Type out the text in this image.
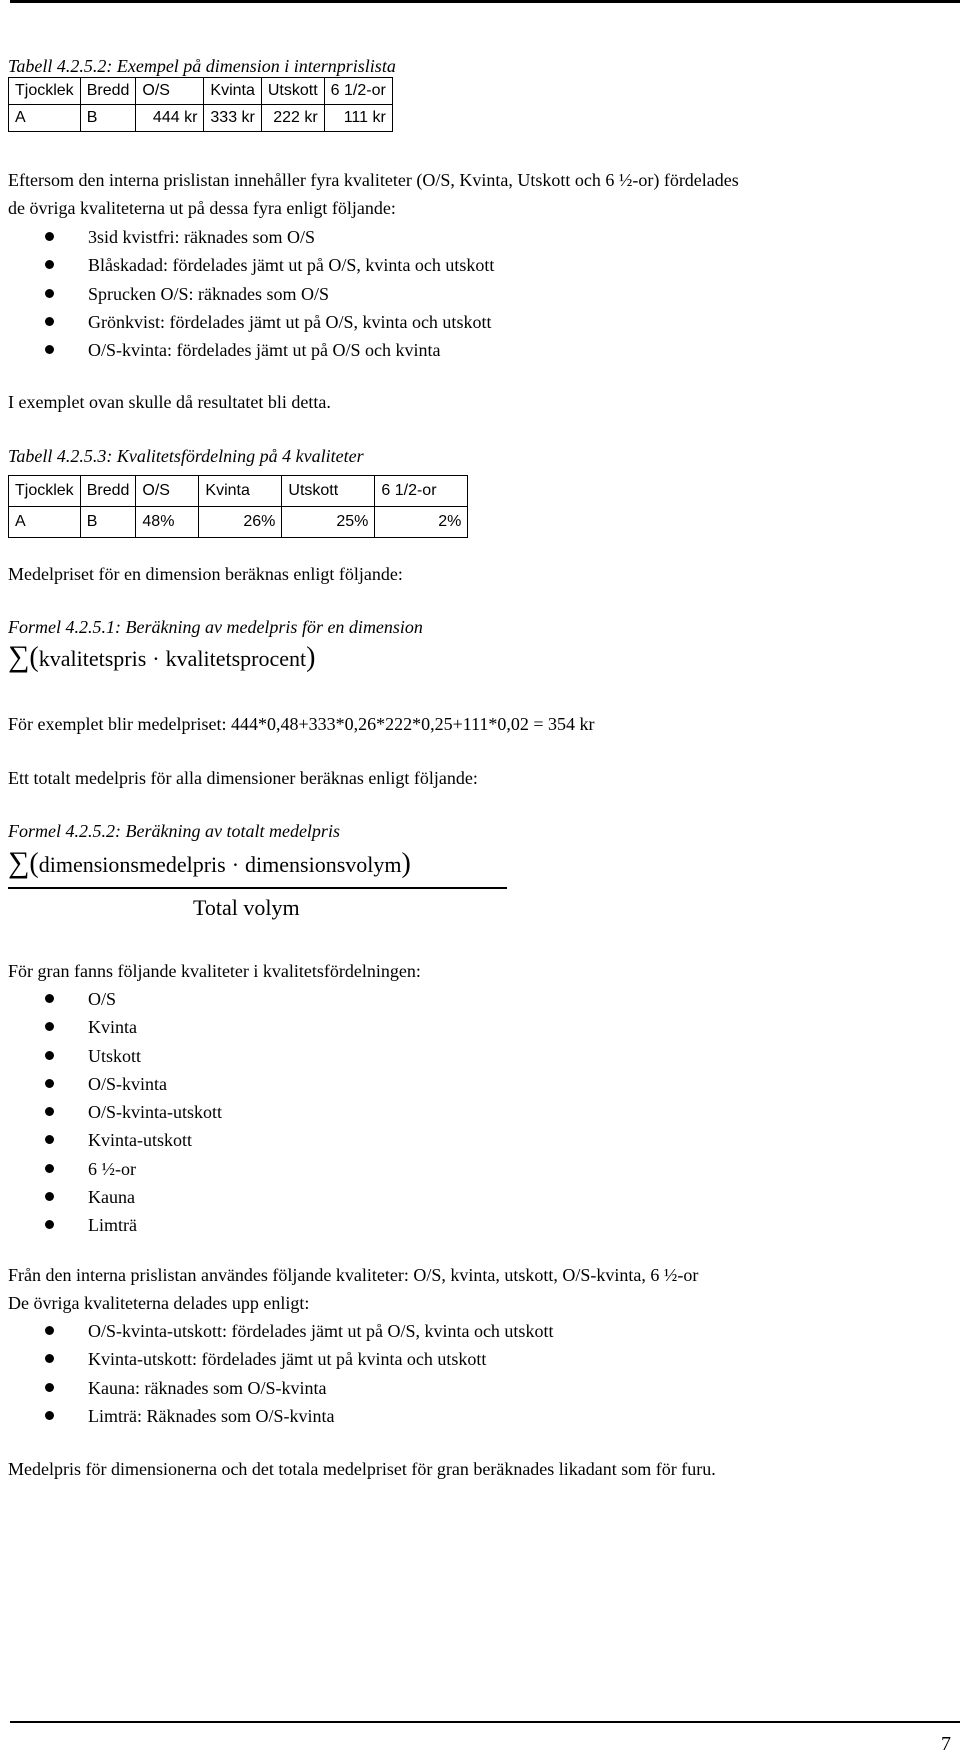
Tabell 4.2.5.2: Exempel på dimension i internprislista
Tjocklek	Bredd	O/S	Kvinta	Utskott	6 1/2-or
A	B	444 kr	333 kr	222 kr	111 kr
Eftersom den interna prislistan innehåller fyra kvaliteter (O/S, Kvinta, Utskott och 6 ½-or) fördelades
de övriga kvaliteterna ut på dessa fyra enligt följande:
3sid kvistfri: räknades som O/S
Blåskadad: fördelades jämt ut på O/S, kvinta och utskott
Sprucken O/S: räknades som O/S
Grönkvist: fördelades jämt ut på O/S, kvinta och utskott
O/S-kvinta: fördelades jämt ut på O/S och kvinta
I exemplet ovan skulle då resultatet bli detta.
Tabell 4.2.5.3: Kvalitetsfördelning på 4 kvaliteter
Tjocklek	Bredd	O/S	Kvinta	Utskott	6 1/2-or
A	B	48%	26%	25%	2%
Medelpriset för en dimension beräknas enligt följande:
Formel 4.2.5.1: Beräkning av medelpris för en dimension
∑(kvalitetspris · kvalitetsprocent)
För exemplet blir medelpriset: 444*0,48+333*0,26*222*0,25+111*0,02 = 354 kr
Ett totalt medelpris för alla dimensioner beräknas enligt följande:
Formel 4.2.5.2: Beräkning av totalt medelpris
∑(dimensionsmedelpris · dimensionsvolym)
Total volym
För gran fanns följande kvaliteter i kvalitetsfördelningen:
O/S
Kvinta
Utskott
O/S-kvinta
O/S-kvinta-utskott
Kvinta-utskott
6 ½-or
Kauna
Limträ
Från den interna prislistan användes följande kvaliteter: O/S, kvinta, utskott, O/S-kvinta, 6 ½-or
De övriga kvaliteterna delades upp enligt:
O/S-kvinta-utskott: fördelades jämt ut på O/S, kvinta och utskott
Kvinta-utskott: fördelades jämt ut på kvinta och utskott
Kauna: räknades som O/S-kvinta
Limträ: Räknades som O/S-kvinta
Medelpris för dimensionerna och det totala medelpriset för gran beräknades likadant som för furu.
7
